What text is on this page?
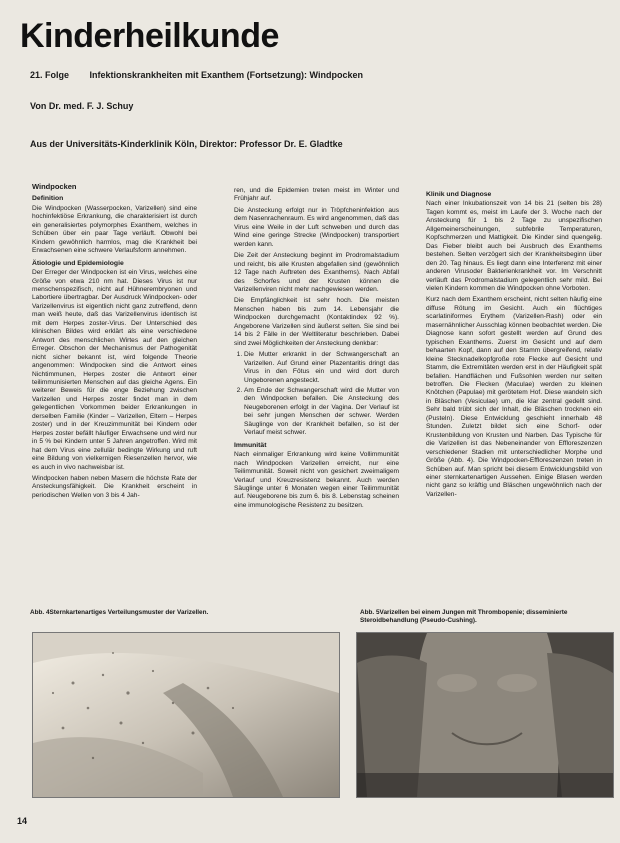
Kinderheilkunde
21. Folge Infektionskrankheiten mit Exanthem (Fortsetzung): Windpocken
Von Dr. med. F. J. Schuy
Aus der Universitäts-Kinderklinik Köln, Direktor: Professor Dr. E. Gladtke
Windpocken
Definition

Die Windpocken (Wasserpocken, Varizellen) sind eine hochinfektiöse Erkrankung, die charakterisiert ist durch ein generalisiertes polymorphes Exanthem, welches in Schüben über ein paar Tage verläuft. Obwohl bei Kindern gewöhnlich harmlos, mag die Krankheit bei Erwachsenen eine schwere Verlaufsform annehmen.

Ätiologie und Epidemiologie

Der Erreger der Windpocken ist ein Virus, welches eine Größe von etwa 210 nm hat. Dieses Virus ist nur menschenspezifisch, nicht auf Hühnerembryonen und Labortiere übertragbar. Der Ausdruck Windpocken- oder Varizellenvirus ist eigentlich nicht ganz zutreffend, denn man weiß heute, daß das Varizellenvirus identisch ist mit dem Herpes zoster-Virus. Der Unterschied des klinischen Bildes wird erklärt als eine verschiedene Antwort des menschlichen Wirtes auf den gleichen Erreger. Obschon der Mechanismus der Pathogenität nicht sicher bekannt ist, wird folgende Theorie angenommen: Windpocken sind die Antwort eines Nichtimmunen, Herpes zoster die Antwort einer teilimmunisierten Menschen auf das gleiche Agens. Ein weiterer Beweis für die enge Beziehung zwischen Varizellen und Herpes zoster findet man in dem gelegentlichen Vorkommen beider Erkrankungen in derselben Familie (Kinder – Varizellen, Eltern – Herpes zoster) und in der Kreuzimmunität bei Kindern oder Herpes zoster befällt häufiger Erwachsene und wird nur in 5 % bei Kindern unter 5 Jahren angetroffen. Wird mit hat dem Virus eine zellulär bedingte Wirkung und ruft eine Bildung von vielkernigen Riesenzellen hervor, wie es auch in vivo nachweisbar ist.

Windpocken haben neben Masern die höchste Rate der Ansteckungsfähigkeit. Die Krankheit erscheint in periodischen Wellen von 3 bis 4 Jah-

ren, und die Epidemien treten meist im Winter und Frühjahr auf.

Die Ansteckung erfolgt nur in Tröpfcheninfektion aus dem Nasenrachenraum. Es wird angenommen, daß das Virus eine Weile in der Luft schweben und durch das Wind eine geringe Strecke (Windpocken) transportiert werden kann.

Die Zeit der Ansteckung beginnt im Prodromalstadium und reicht, bis alle Krusten abgefallen sind (gewöhnlich 12 Tage nach Auftreten des Exanthems). Nach Abfall des Schorfes und der Krusten können die Varizellenviren nicht mehr nachgewiesen werden.

Die Empfänglichkeit ist sehr hoch. Die meisten Menschen haben bis zum 14. Lebensjahr die Windpocken durchgemacht (Kontaktindex 92 %). Angeborene Varizellen sind äußerst selten. Sie sind bei 14 bis 2 Fälle in der Weltliteratur beschrieben. Dabei sind zwei Möglichkeiten der Ansteckung denkbar:

1. Die Mutter erkrankt in der Schwangerschaft an Varizellen. Auf Grund einer Plazentaritis dringt das Virus in den Fötus ein und wird dort durch Ungeborenen angesteckt.
2. Am Ende der Schwangerschaft wird die Mutter von den Windpocken befallen. Die Ansteckung des Neugeborenen erfolgt in der Vagina. Der Verlauf ist bei sehr jungen Menschen der schwer. Werden Säuglinge von der Krankheit befallen, so ist der Verlauf meist schwer.
Immunität

Nach einmaliger Erkrankung wird keine Vollimmunität nach Windpocken Varizellen erreicht, nur eine Teilimmunität. Soweit nicht von gesichert zweimaligem Verlauf und Kreuzresistenz bekannt. Auch werden Säuglinge unter 6 Monaten wegen einer Teilimmunität auf. Neugeborene bis zum 6. bis 8. Lebenstag scheinen eine immunologische Resistenz zu besitzen.

Klinik und Diagnose

Nach einer Inkubationszeit von 14 bis 21 (selten bis 28) Tagen kommt es, meist im Laufe der 3. Woche nach der Ansteckung für 1 bis 2 Tage zu unspezifischen Allgemeinerscheinungen, subfebrile Temperaturen, Kopfschmerzen und Mattigkeit. Die Kinder sind quengelig. Das Fieber bleibt auch bei Ausbruch des Exanthems bestehen. Selten verzögert sich der Krankheitsbeginn über den 20. Tag hinaus. Es liegt dann eine Interferenz mit einer anderen Virusoder Bakterienkrankheit vor. Im Verschnitt verläuft das Prodromalstadium gelegentlich sehr mild. Bei vielen Kindern kommen die Windpocken ohne Vorboten.

Kurz nach dem Exanthem erscheint, nicht selten häufig eine diffuse Rötung im Gesicht. Auch ein flüchtiges scarlatiniformes Erythem (Varizellen-Rash) oder ein masernähnlicher Ausschlag können beobachtet werden. Die Diagnose kann sofort gestellt werden auf Grund des typischen Exanthems. Zuerst im Gesicht und auf dem behaarten Kopf, dann auf den Stamm übergreifend, relativ kleine Stecknadelkopfgroße rote Flecke auf Gesicht und Stamm, die Extremitäten werden erst in der Häufigkeit spät befallen. Handflächen und Fußsohlen werden nur selten betroffen. Die Flecken (Maculae) werden zu kleinen Knötchen (Papulae) mit gerötetem Hof. Diese wandeln sich in Bläschen (Vesiculae) um, die klar zentral gedellt sind. Sehr bald trübt sich der Inhalt, die Bläschen trocknen ein (Pusteln). Diese Entwicklung geschieht innerhalb 48 Stunden. Zuletzt bildet sich eine Schorf- oder Krustenbildung von Krusten und Narben. Das Typische für die Varizellen ist das Nebeneinander von Effloreszenzen verschiedener Stadien mit unterschiedlicher Morphe und Größe (Abb. 4). Die Windpocken-Effloreszenzen treten in Schüben auf. Man spricht bei diesem Entwicklungsbild von einer sternkartenartigen Aussehen. Einige Blasen werden nicht ganz so kräftig und Bläschen ungewöhnlich nach der Varizellen-

Abb. 4Sternkartenartiges Verteilungsmuster der Varizellen.	Abb. 5Varizellen bei einem Jungen mit Thrombopenie; disseminierte Steroidbehandlung (Pseudo-Cushing).
14
